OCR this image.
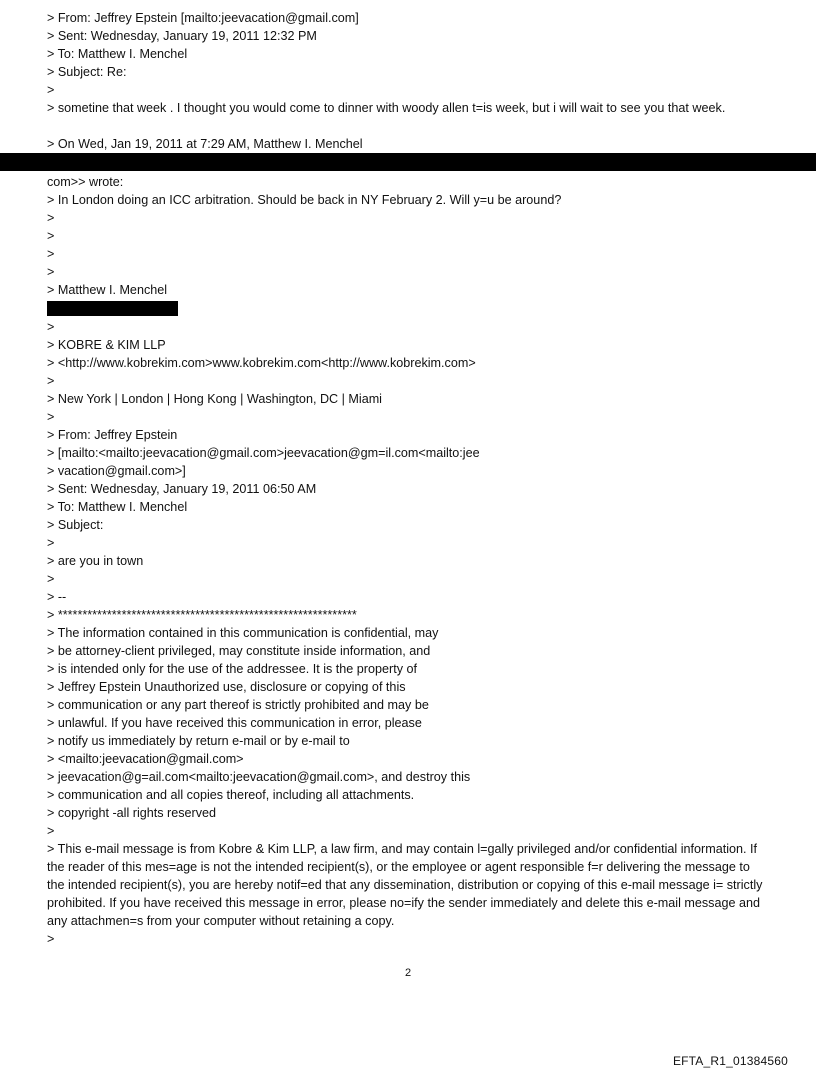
> From: Jeffrey Epstein [mailto:jeevacation@gmail.com]
> Sent: Wednesday, January 19, 2011 12:32 PM
> To: Matthew I. Menchel
> Subject: Re:
>
> sometine that week . I thought you would come to dinner with woody allen t=is week, but i will wait to see you that week.
> On Wed, Jan 19, 2011 at 7:29 AM, Matthew I. Menchel
com>> wrote:
> In London doing an ICC arbitration. Should be back in NY February 2. Will y=u be around?
>
>
>
>
> Matthew I. Menchel
>
> KOBRE & KIM LLP
> <http://www.kobrekim.com>www.kobrekim.com<http://www.kobrekim.com>
>
> New York | London | Hong Kong | Washington, DC | Miami
>
> From: Jeffrey Epstein
> [mailto:<mailto:jeevacation@gmail.com>jeevacation@gm=il.com<mailto:jee
> vacation@gmail.com>]
> Sent: Wednesday, January 19, 2011 06:50 AM
> To: Matthew I. Menchel
> Subject:
>
> are you in town
>
> --
> *************************************************************
> The information contained in this communication is confidential, may
> be attorney-client privileged, may constitute inside information, and
> is intended only for the use of the addressee. It is the property of
> Jeffrey Epstein Unauthorized use, disclosure or copying of this
> communication or any part thereof is strictly prohibited and may be
> unlawful. If you have received this communication in error, please
> notify us immediately by return e-mail or by e-mail to
> <mailto:jeevacation@gmail.com>
> jeevacation@g=ail.com<mailto:jeevacation@gmail.com>, and destroy this
> communication and all copies thereof, including all attachments.
> copyright -all rights reserved
>
> This e-mail message is from Kobre & Kim LLP, a law firm, and may contain l=gally privileged and/or confidential information. If the reader of this mes=age is not the intended recipient(s), or the employee or agent responsible f=r delivering the message to the intended recipient(s), you are hereby notif=ed that any dissemination, distribution or copying of this e-mail message i= strictly prohibited. If you have received this message in error, please no=ify the sender immediately and delete this e-mail message and any attachmen=s from your computer without retaining a copy.
>
2
EFTA_R1_01384560
